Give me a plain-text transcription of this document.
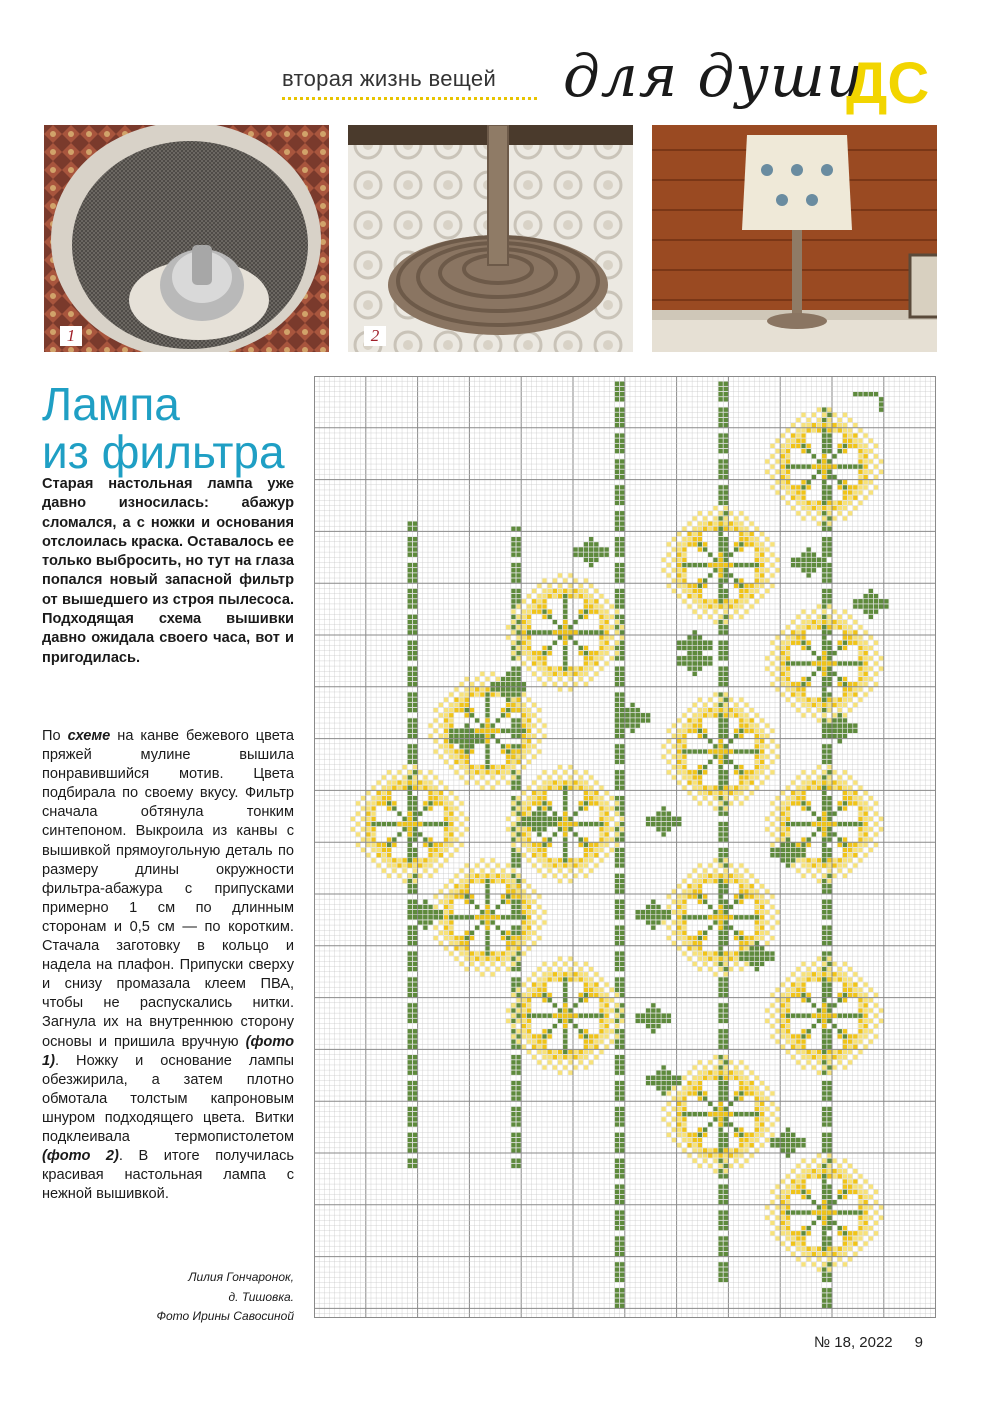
вторая жизнь вещей для души
ДС
1	2
Лампа
из фильтра
Старая настольная лампа уже давно износилась: абажур сломался, а с ножки и основания отслоилась краска. Оставалось ее только выбросить, но тут на глаза попался новый запасной фильтр от вышедшего из строя пылесоса. Подходящая схема вышивки давно ожидала своего часа, вот и пригодилась.
По схеме на канве бежевого цвета пряжей мулине вышила понравившийся мотив. Цвета подбирала по своему вкусу. Фильтр сначала обтянула тонким синтепоном. Выкроила из канвы с вышивкой прямоугольную деталь по размеру длины окружности фильтра-абажура с припусками примерно 1 см по длинным сторонам и 0,5 см — по коротким. Стачала заготовку в кольцо и надела на плафон. Припуски сверху и снизу промазала клеем ПВА, чтобы не распускались нитки. Загнула их на внутреннюю сторону основы и пришила вручную (фото 1). Ножку и основание лампы обезжирила, а затем плотно обмотала толстым капроновым шнуром подходящего цвета. Витки подклеивала термопистолетом (фото 2). В итоге получилась красивая настольная лампа с нежной вышивкой.
Лилия Гончаронок,
д. Тишовка.
Фото Ирины Савосиной
№ 18, 2022 9
